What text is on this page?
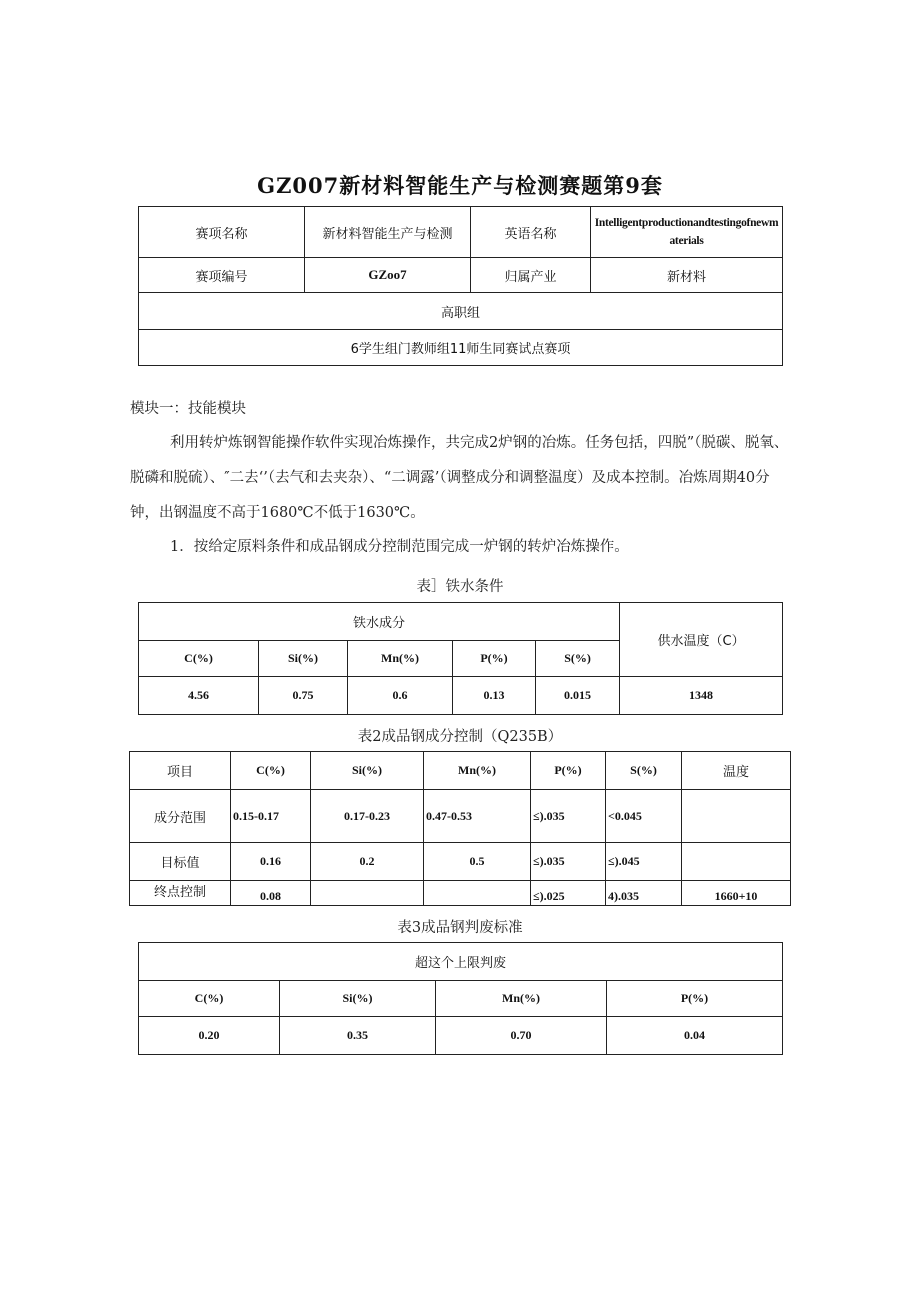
GZ007新材料智能生产与检测赛题第9套
赛项名称	新材料智能生产与检测	英语名称	Intelligentproductionandtestingofnewmaterials
赛项编号	GZoo7	归属产业	新材料
高职组			
6学生组门教师组11师生同赛试点赛项			
模块一：技能模块
利用转炉炼钢智能操作软件实现冶炼操作，共完成2炉钢的冶炼。任务包括，四脱”（脱碳、脱氧、脱磷和脱硫）、″二去‘’（去气和去夹杂）、“二调露’（调整成分和调整温度）及成本控制。冶炼周期40分钟，出钢温度不高于1680℃不低于1630℃。
1．按给定原料条件和成品钢成分控制范围完成一炉钢的转炉冶炼操作。
表］铁水条件
铁水成分					供水温度（C）
C(%)	Si(%)	Mn(%)	P(%)	S(%)	
4.56	0.75	0.6	0.13	0.015	1348
表2成品钢成分控制（Q235B）
项目	C(%)	Si(%)	Mn(%)	P(%)	S(%)	温度
成分范围	0.15-0.17	0.17-0.23	0.47-0.53	≤).035	<0.045	
目标值	0.16	0.2	0.5	≤).035	≤).045	
终点控制	0.08			≤).025	4).035	1660+10
表3成品钢判废标准
超这个上限判废			
C(%)	Si(%)	Mn(%)	P(%)
0.20	0.35	0.70	0.04
